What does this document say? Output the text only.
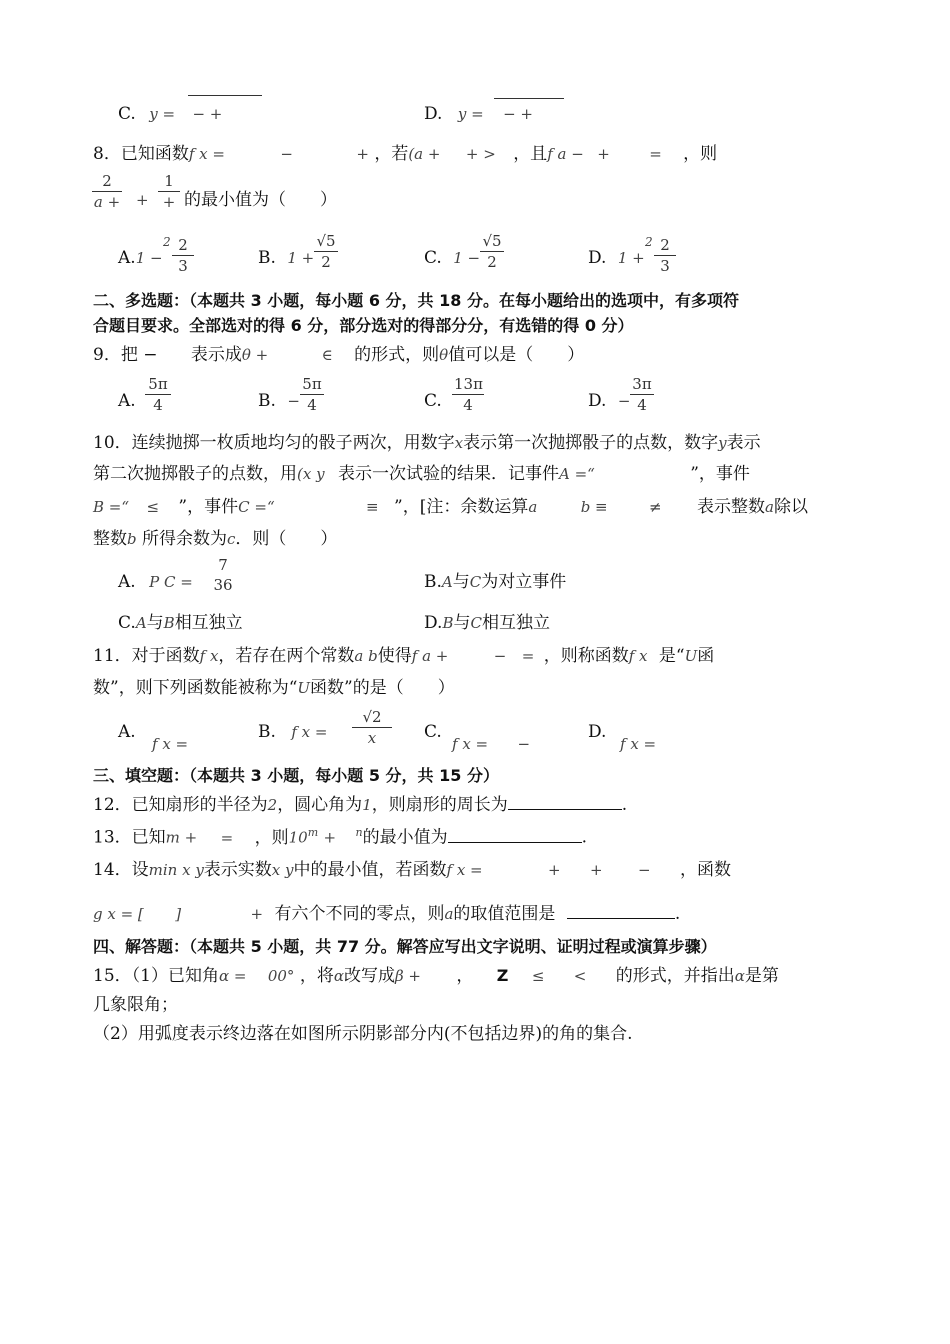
C. y = − +	D. y = − +
8．已知函数f x =	−	+ ，若(a + + > ，且f a − +	= ，则
$\frac{2}{a +}$ +
1
+ 的最小值为（　　）
A.1 −
$2 \frac{2}{3}$	B. $1 + \frac{√5}{2}$	C. $1 - \frac{√5}{2}$	D. 1 +
$2 \frac{2}{3}$
二、多选题：（本题共 3 小题，每小题 6 分，共 18 分。在每小题给出的选项中，有多项符
合题目要求。全部选对的得 6 分，部分选对的得部分分，有选错的得 0 分）
9．把 − 表示成θ +	∈ 的形式，则θ值可以是（　　）
A. $\frac{5\pi}{4}$	B. − $\frac{5\pi}{4}$	C. $\frac{13\pi}{4}$	D. − $\frac{3\pi}{4}$
10．连续抛掷一枚质地均匀的骰子两次，用数字x表示第一次抛掷骰子的点数，数字y表示
第二次抛掷骰子的点数，用(x y 表示一次试验的结果．记事件A =“	”，事件
B =“ ≤ ”，事件C =“	≡ ”，[注：余数运算a	b ≡	≠ 表示整数a除以
整数b 所得余数为c．则（　　）
A. P C =
7
36	B.A与C为对立事件
C.A与B相互独立	D.B与C相互独立
11．对于函数f x，若存在两个常数a b使得f a +	− = ，则称函数f x 是“U函
数”，则下列函数能被称为“U函数”的是（　　）
A.
f x =
B. f $x = \frac{√2}{x} C$.
f x = −
D.
f x =
三、填空题：（本题共 3 小题，每小题 5 分，共 15 分）
12．已知扇形的半径为2，圆心角为1，则扇形的周长为	.
13．已知m + = ，则$10^m + ^n$的最小值为	.
14．设min x y表示实数x y中的最小值，若函数f x =	+ + − ，函数
g x = [ ]	+ 有六个不同的零点，则a的取值范围是	.
四、解答题：（本题共 5 小题，共 77 分。解答应写出文字说明、证明过程或演算步骤）
15．（1）已知角α = 00° ，将α改写成β + ， Z ≤ < 的形式，并指出α是第
几象限角；
（2）用弧度表示终边落在如图所示阴影部分内(不包括边界)的角的集合.
